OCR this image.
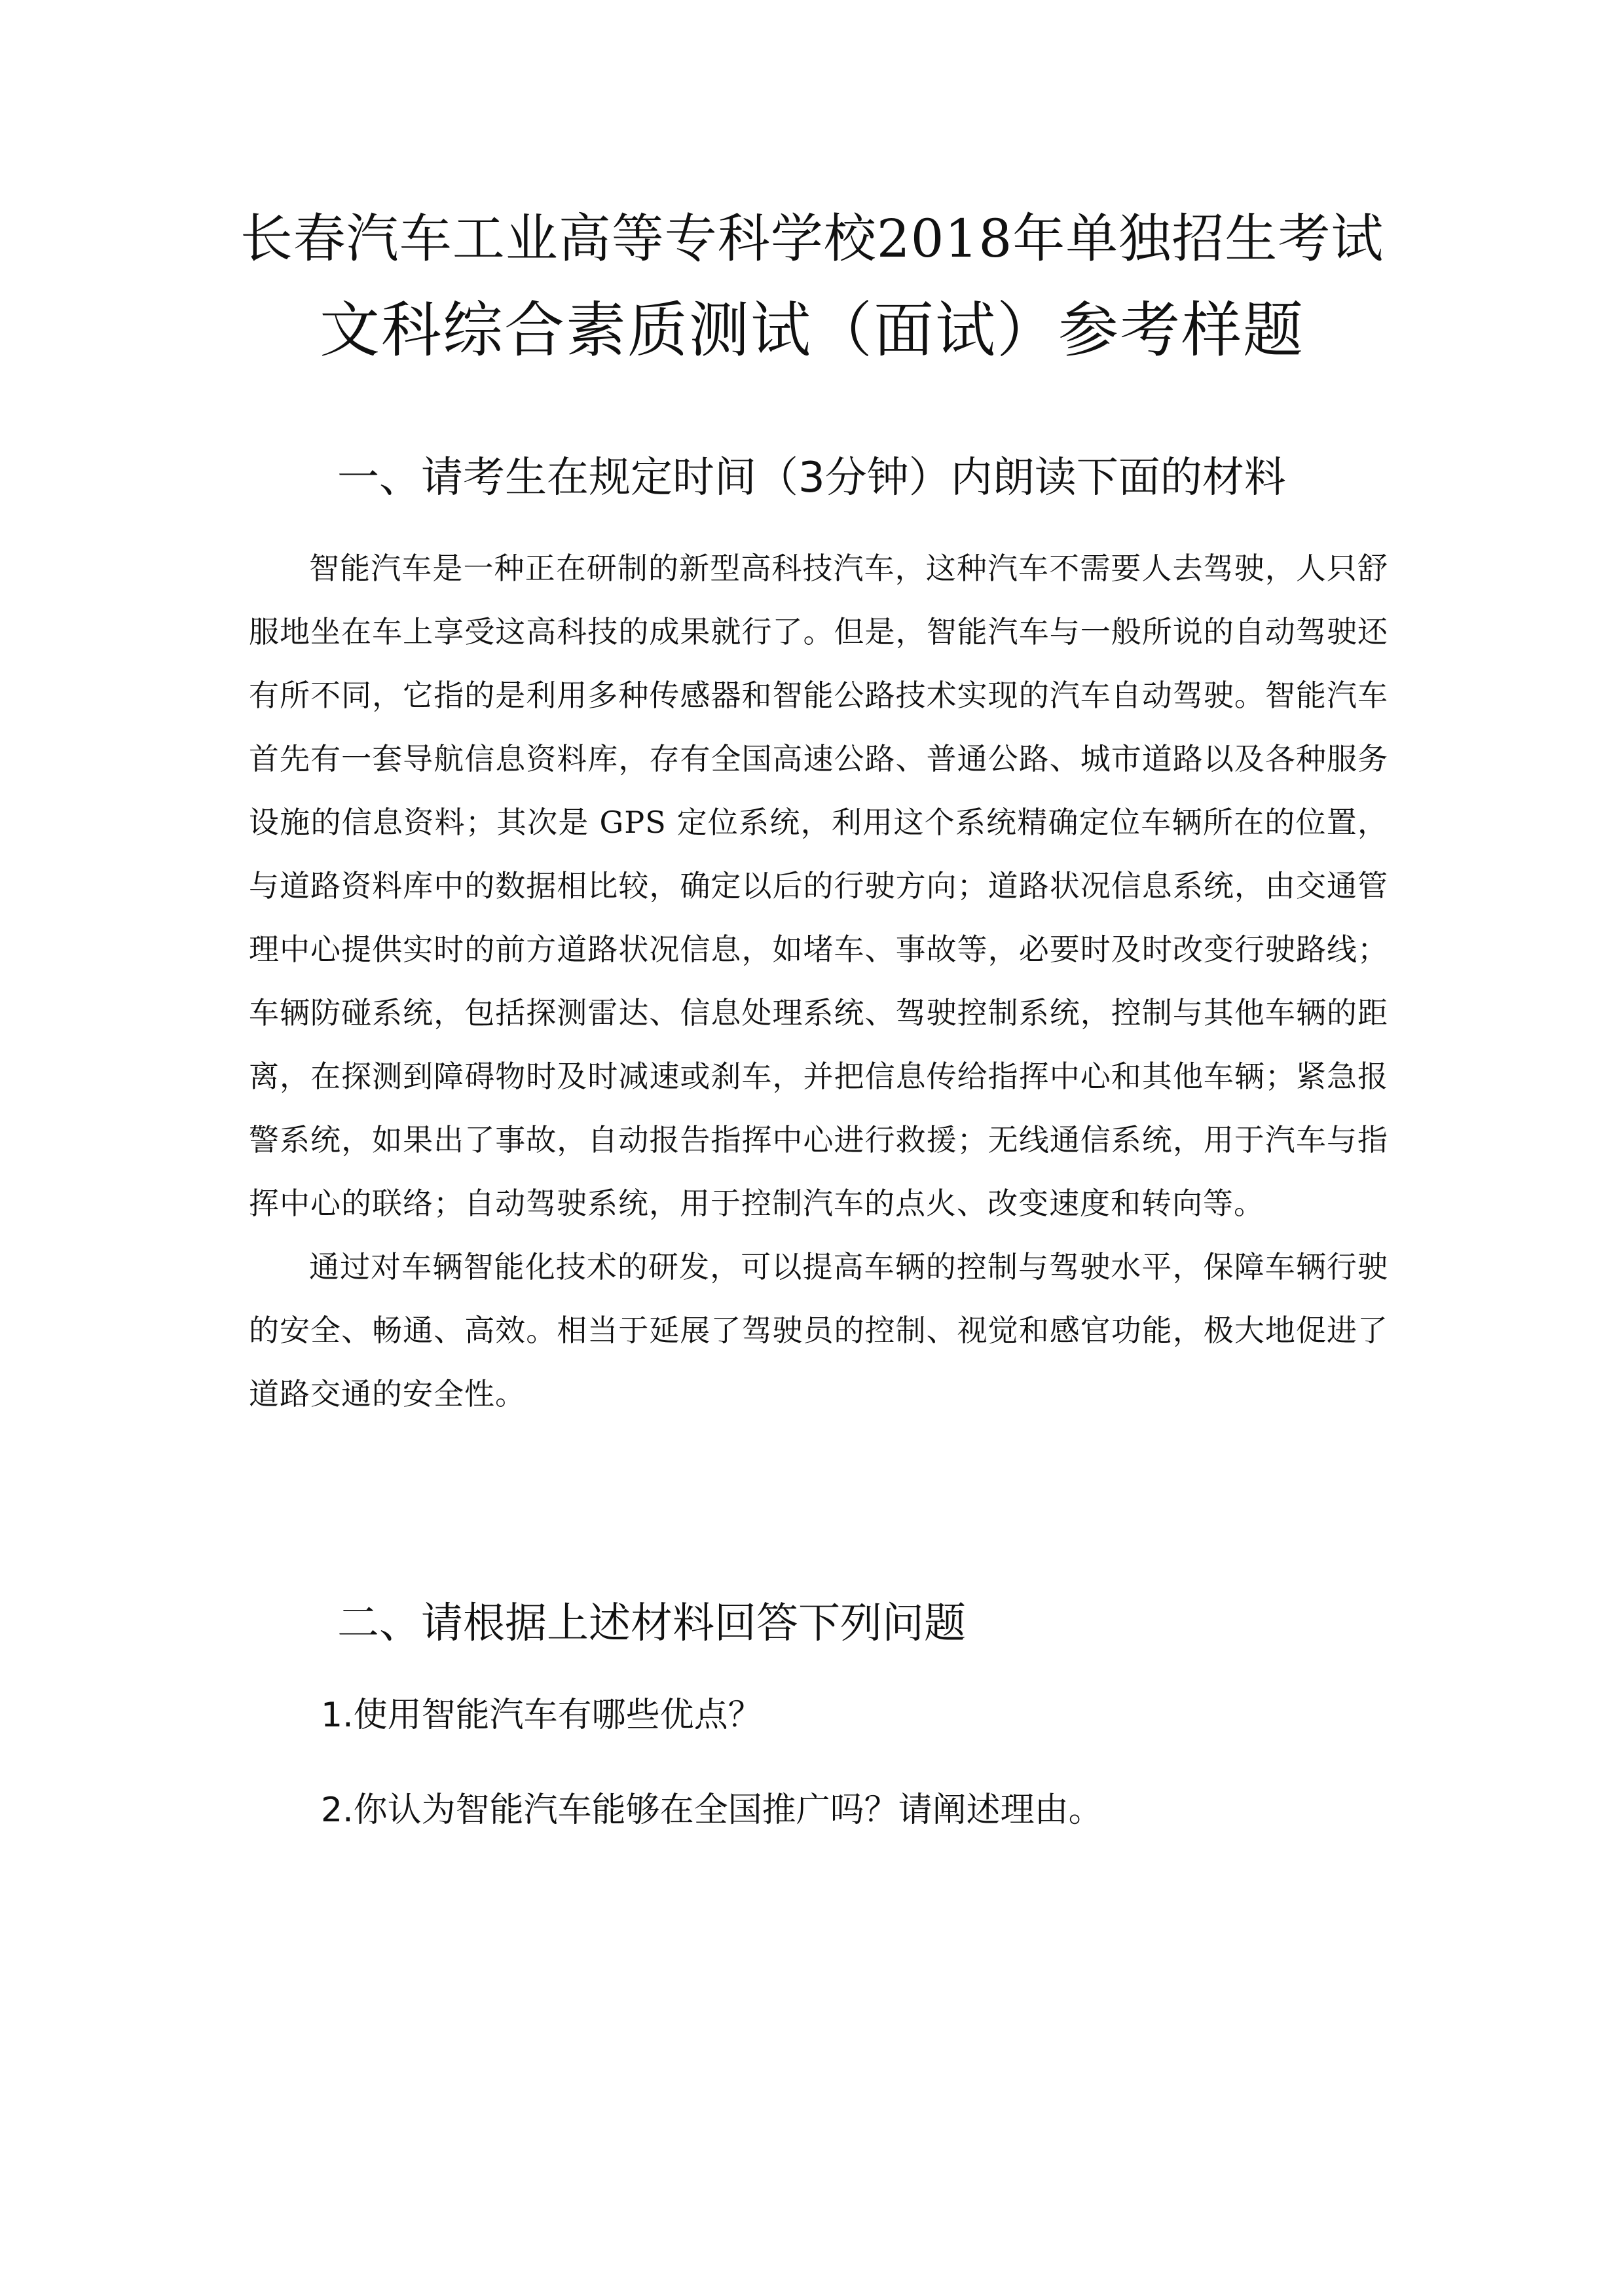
长春汽车工业高等专科学校2018年单独招生考试
文科综合素质测试（面试）参考样题
一、请考生在规定时间（3分钟）内朗读下面的材料

智能汽车是一种正在研制的新型高科技汽车，这种汽车不需要人去驾驶，人只舒服地坐在车上享受这高科技的成果就行了。但是，智能汽车与一般所说的自动驾驶还有所不同，它指的是利用多种传感器和智能公路技术实现的汽车自动驾驶。智能汽车首先有一套导航信息资料库，存有全国高速公路、普通公路、城市道路以及各种服务设施的信息资料；其次是 GPS 定位系统，利用这个系统精确定位车辆所在的位置，与道路资料库中的数据相比较，确定以后的行驶方向；道路状况信息系统，由交通管理中心提供实时的前方道路状况信息，如堵车、事故等，必要时及时改变行驶路线；车辆防碰系统，包括探测雷达、信息处理系统、驾驶控制系统，控制与其他车辆的距离，在探测到障碍物时及时减速或刹车，并把信息传给指挥中心和其他车辆；紧急报警系统，如果出了事故，自动报告指挥中心进行救援；无线通信系统，用于汽车与指挥中心的联络；自动驾驶系统，用于控制汽车的点火、改变速度和转向等。

通过对车辆智能化技术的研发，可以提高车辆的控制与驾驶水平，保障车辆行驶的安全、畅通、高效。相当于延展了驾驶员的控制、视觉和感官功能，极大地促进了道路交通的安全性。

二、请根据上述材料回答下列问题
1.使用智能汽车有哪些优点？
2.你认为智能汽车能够在全国推广吗？请阐述理由。
